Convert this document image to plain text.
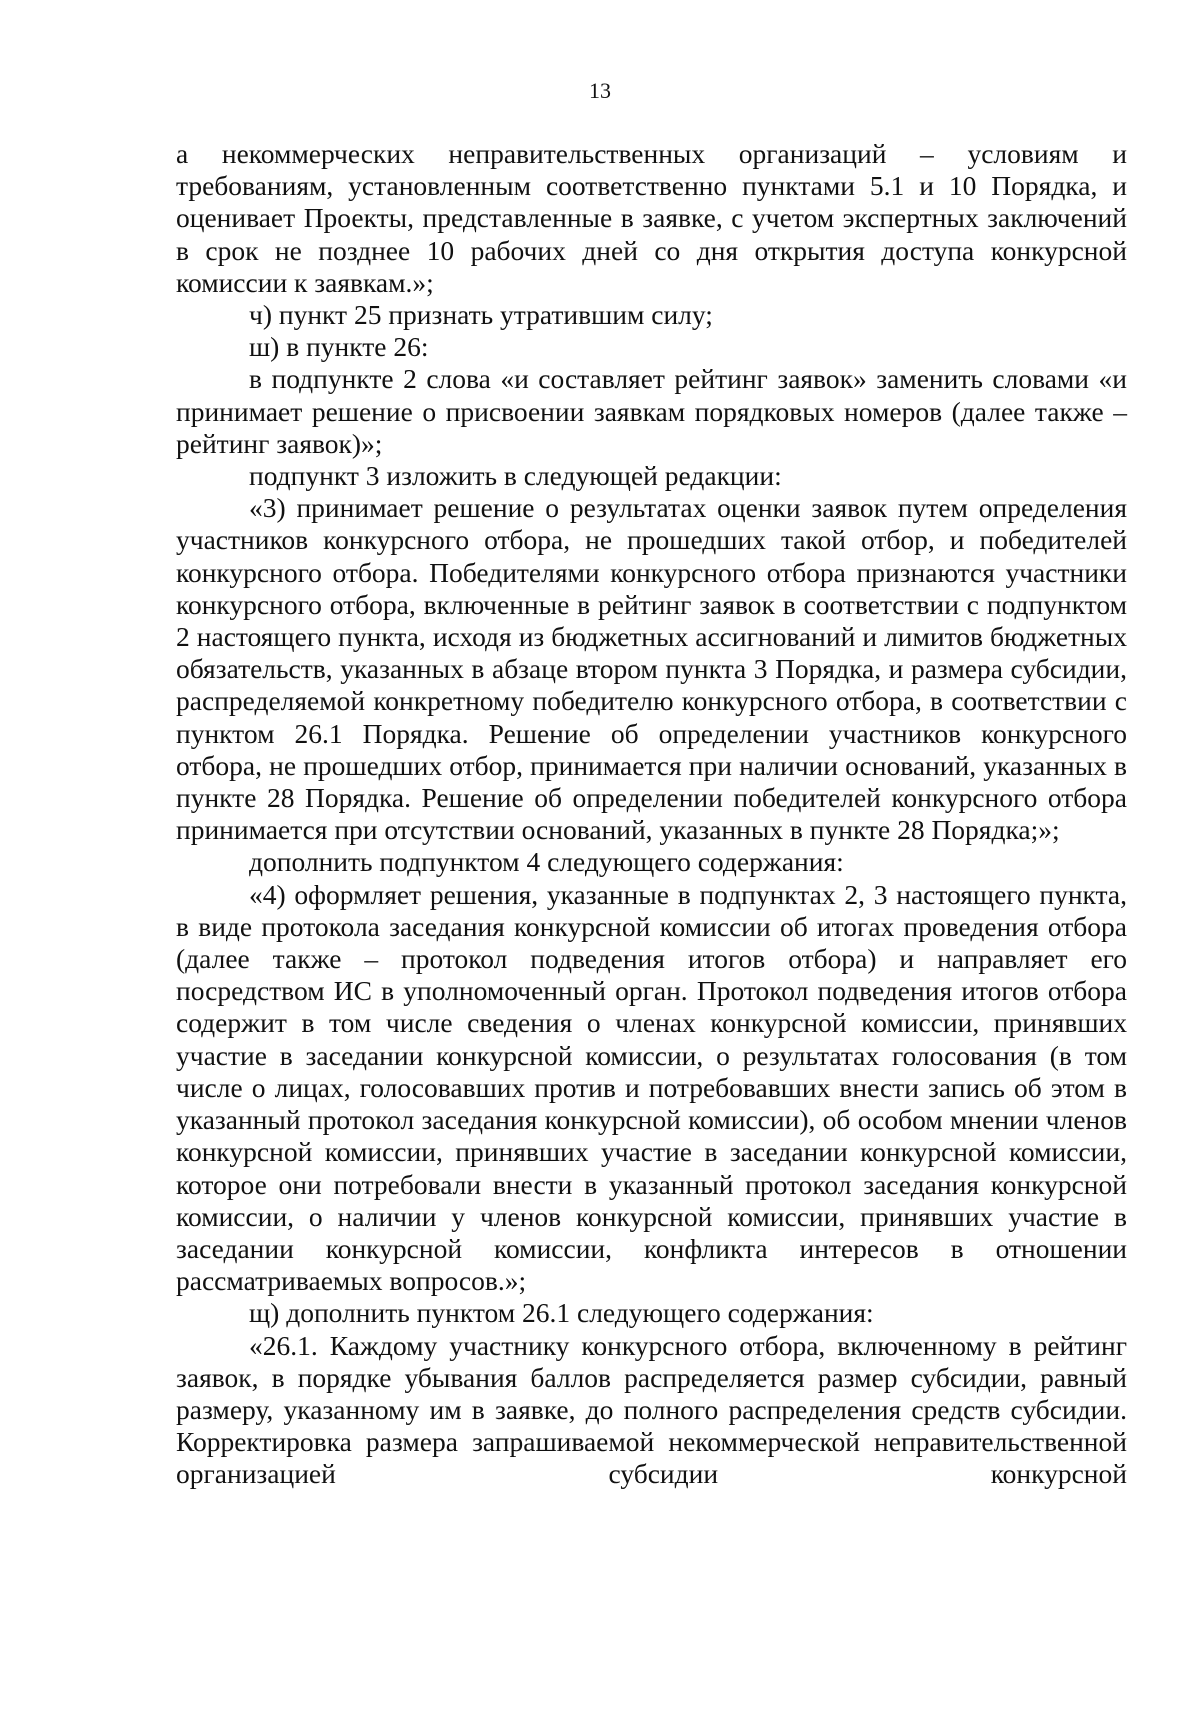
13

а некоммерческих неправительственных организаций – условиям и требованиям, установленным соответственно пунктами 5.1 и 10 Порядка, и оценивает Проекты, представленные в заявке, с учетом экспертных заключений в срок не позднее 10 рабочих дней со дня открытия доступа конкурсной комиссии к заявкам.»;

ч) пункт 25 признать утратившим силу;

ш) в пункте 26:

в подпункте 2 слова «и составляет рейтинг заявок» заменить словами «и принимает решение о присвоении заявкам порядковых номеров (далее также – рейтинг заявок)»;

подпункт 3 изложить в следующей редакции:

«3) принимает решение о результатах оценки заявок путем определения участников конкурсного отбора, не прошедших такой отбор, и победителей конкурсного отбора. Победителями конкурсного отбора признаются участники конкурсного отбора, включенные в рейтинг заявок в соответствии с подпунктом 2 настоящего пункта, исходя из бюджетных ассигнований и лимитов бюджетных обязательств, указанных в абзаце втором пункта 3 Порядка, и размера субсидии, распределяемой конкретному победителю конкурсного отбора, в соответствии с пунктом 26.1 Порядка. Решение об определении участников конкурсного отбора, не прошедших отбор, принимается при наличии оснований, указанных в пункте 28 Порядка. Решение об определении победителей конкурсного отбора принимается при отсутствии оснований, указанных в пункте 28 Порядка;»;

дополнить подпунктом 4 следующего содержания:

«4) оформляет решения, указанные в подпунктах 2, 3 настоящего пункта, в виде протокола заседания конкурсной комиссии об итогах проведения отбора (далее также – протокол подведения итогов отбора) и направляет его посредством ИС в уполномоченный орган. Протокол подведения итогов отбора содержит в том числе сведения о членах конкурсной комиссии, принявших участие в заседании конкурсной комиссии, о результатах голосования (в том числе о лицах, голосовавших против и потребовавших внести запись об этом в указанный протокол заседания конкурсной комиссии), об особом мнении членов конкурсной комиссии, принявших участие в заседании конкурсной комиссии, которое они потребовали внести в указанный протокол заседания конкурсной комиссии, о наличии у членов конкурсной комиссии, принявших участие в заседании конкурсной комиссии, конфликта интересов в отношении рассматриваемых вопросов.»;

щ) дополнить пунктом 26.1 следующего содержания:

«26.1. Каждому участнику конкурсного отбора, включенному в рейтинг заявок, в порядке убывания баллов распределяется размер субсидии, равный размеру, указанному им в заявке, до полного распределения средств субсидии. Корректировка размера запрашиваемой некоммерческой неправительственной организацией субсидии конкурсной
